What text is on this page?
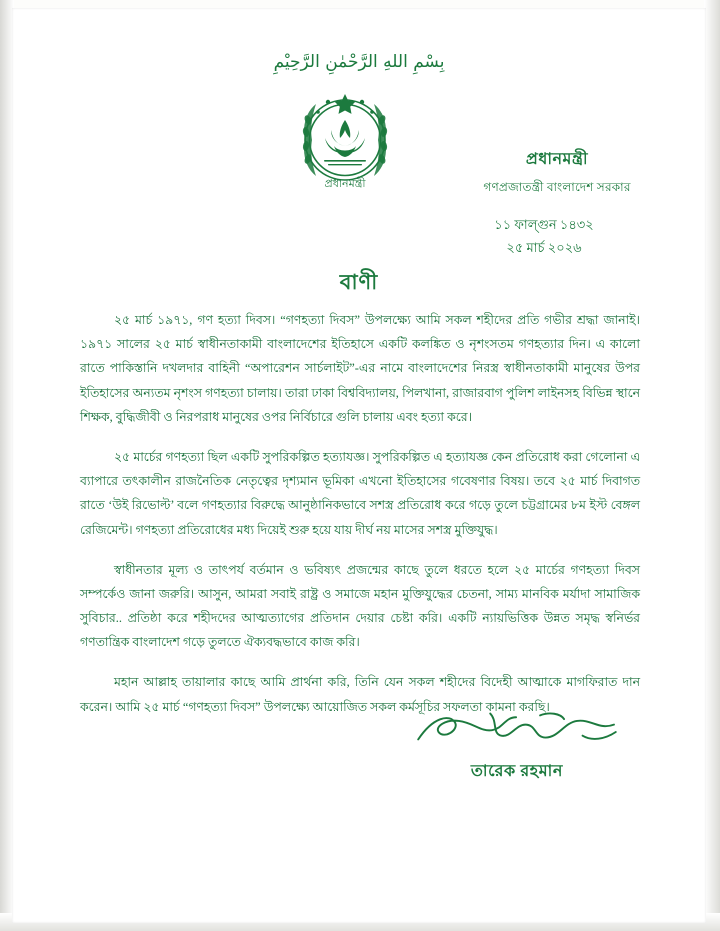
بِسْمِ اللهِ الرَّحْمٰنِ الرَّحِيْمِ
প্রধানমন্ত্রী
প্রধানমন্ত্রী
গণপ্রজাতন্ত্রী বাংলাদেশ সরকার
১১ ফাল্গুন ১৪৩২
২৫ মার্চ ২০২৬
বাণী

২৫ মার্চ ১৯৭১, গণ হত্যা দিবস। “গণহত্যা দিবস” উপলক্ষ্যে আমি সকল শহীদের প্রতি গভীর শ্রদ্ধা জানাই। ১৯৭১ সালের ২৫ মার্চ স্বাধীনতাকামী বাংলাদেশের ইতিহাসে একটি কলঙ্কিত ও নৃশংসতম গণহত্যার দিন। এ কালো রাতে পাকিস্তানি দখলদার বাহিনী “অপারেশন সার্চলাইট”-এর নামে বাংলাদেশের নিরস্ত্র স্বাধীনতাকামী মানুষের উপর ইতিহাসের অন্যতম নৃশংস গণহত্যা চালায়। তারা ঢাকা বিশ্ববিদ্যালয়, পিলখানা, রাজারবাগ পুলিশ লাইনসহ বিভিন্ন স্থানে শিক্ষক, বুদ্ধিজীবী ও নিরপরাধ মানুষের ওপর নির্বিচারে গুলি চালায় এবং হত্যা করে।

২৫ মার্চের গণহত্যা ছিল একটি সুপরিকল্পিত হত্যাযজ্ঞ। সুপরিকল্পিত এ হত্যাযজ্ঞ কেন প্রতিরোধ করা গেলোনা এ ব্যাপারে তৎকালীন রাজনৈতিক নেতৃত্বের দৃশ্যমান ভূমিকা এখনো ইতিহাসের গবেষণার বিষয়। তবে ২৫ মার্চ দিবাগত রাতে ‘উই রিভোল্ট’ বলে গণহত্যার বিরুদ্ধে আনুষ্ঠানিকভাবে সশস্ত্র প্রতিরোধ করে গড়ে তুলে চট্টগ্রামের ৮ম ইস্ট বেঙ্গল রেজিমেন্ট। গণহত্যা প্রতিরোধের মধ্য দিয়েই শুরু হয়ে যায় দীর্ঘ নয় মাসের সশস্ত্র মুক্তিযুদ্ধ।

স্বাধীনতার মূল্য ও তাৎপর্য বর্তমান ও ভবিষ্যৎ প্রজন্মের কাছে তুলে ধরতে হলে ২৫ মার্চের গণহত্যা দিবস সম্পর্কেও জানা জরুরি। আসুন, আমরা সবাই রাষ্ট্র ও সমাজে মহান মুক্তিযুদ্ধের চেতনা, সাম্য মানবিক মর্যাদা সামাজিক সুবিচার.. প্রতিষ্ঠা করে শহীদদের আত্মত্যাগের প্রতিদান দেয়ার চেষ্টা করি। একটি ন্যায়ভিত্তিক উন্নত সমৃদ্ধ স্বনির্ভর গণতান্ত্রিক বাংলাদেশ গড়ে তুলতে ঐক্যবদ্ধভাবে কাজ করি।

মহান আল্লাহ তায়ালার কাছে আমি প্রার্থনা করি, তিনি যেন সকল শহীদের বিদেহী আত্মাকে মাগফিরাত দান করেন। আমি ২৫ মার্চ “গণহত্যা দিবস” উপলক্ষ্যে আয়োজিত সকল কর্মসূচির সফলতা কামনা করছি।

তারেক রহমান
